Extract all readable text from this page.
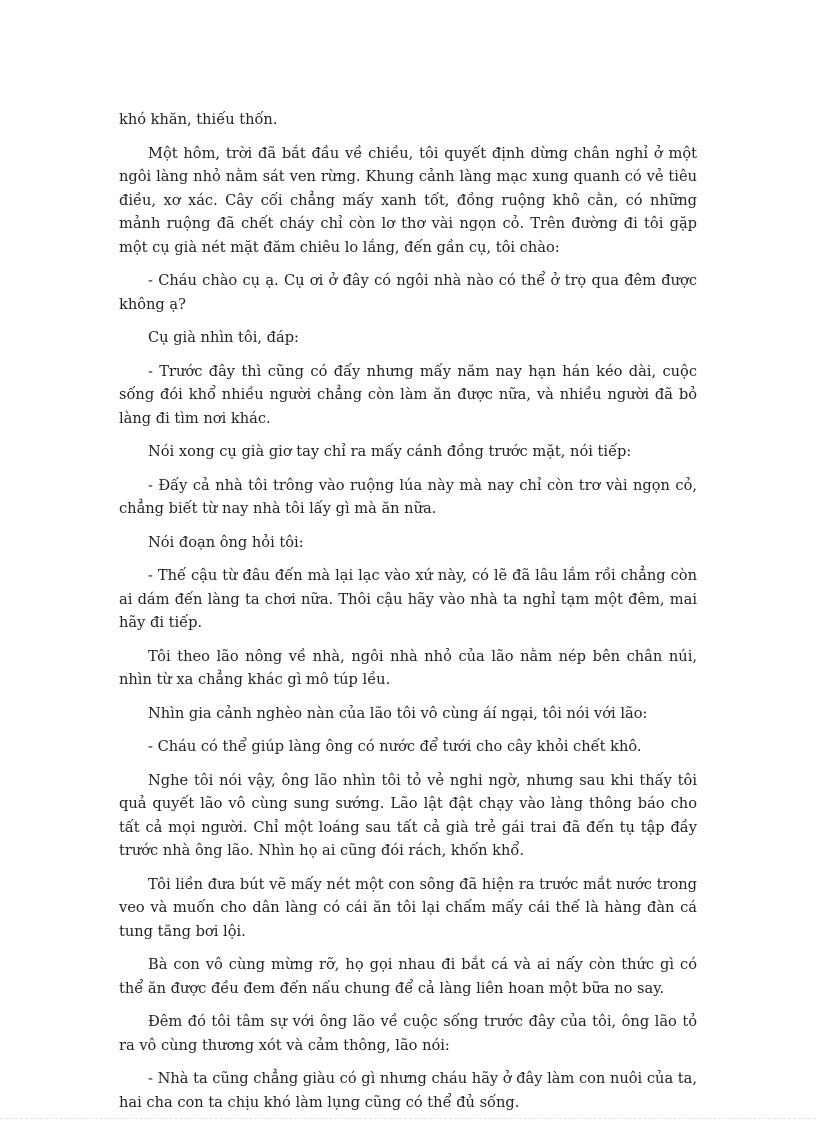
khó khăn, thiếu thốn.

Một hôm, trời đã bắt đầu về chiều, tôi quyết định dừng chân nghỉ ở một ngôi làng nhỏ nằm sát ven rừng. Khung cảnh làng mạc xung quanh có vẻ tiêu điều, xơ xác. Cây cối chẳng mấy xanh tốt, đồng ruộng khô cằn, có những mảnh ruộng đã chết cháy chỉ còn lơ thơ vài ngọn cỏ. Trên đường đi tôi gặp một cụ già nét mặt đăm chiêu lo lắng, đến gần cụ, tôi chào:

- Cháu chào cụ ạ. Cụ ơi ở đây có ngôi nhà nào có thể ở trọ qua đêm được không ạ?

Cụ già nhìn tôi, đáp:

- Trước đây thì cũng có đấy nhưng mấy năm nay hạn hán kéo dài, cuộc sống đói khổ nhiều người chẳng còn làm ăn được nữa, và nhiều người đã bỏ làng đi tìm nơi khác.

Nói xong cụ già giơ tay chỉ ra mấy cánh đồng trước mặt, nói tiếp:

- Đấy cả nhà tôi trông vào ruộng lúa này mà nay chỉ còn trơ vài ngọn cỏ, chẳng biết từ nay nhà tôi lấy gì mà ăn nữa.

Nói đoạn ông hỏi tôi:

- Thế cậu từ đâu đến mà lại lạc vào xứ này, có lẽ đã lâu lắm rồi chẳng còn ai dám đến làng ta chơi nữa. Thôi cậu hãy vào nhà ta nghỉ tạm một đêm, mai hãy đi tiếp.

Tôi theo lão nông về nhà, ngôi nhà nhỏ của lão nằm nép bên chân núi, nhìn từ xa chẳng khác gì mô túp lều.

Nhìn gia cảnh nghèo nàn của lão tôi vô cùng áí ngại, tôi nói với lão:

- Cháu có thể giúp làng ông có nước để tưới cho cây khỏi chết khô.

Nghe tôi nói vậy, ông lão nhìn tôi tỏ vẻ nghi ngờ, nhưng sau khi thấy tôi quả quyết lão vô cùng sung sướng. Lão lật đật chạy vào làng thông báo cho tất cả mọi người. Chỉ một loáng sau tất cả già trẻ gái trai đã đến tụ tập đầy trước nhà ông lão. Nhìn họ ai cũng đói rách, khốn khổ.

Tôi liền đưa bút vẽ mấy nét một con sông đã hiện ra trước mắt nước trong veo và muốn cho dân làng có cái ăn tôi lại chấm mấy cái thế là hàng đàn cá tung tăng bơi lội.

Bà con vô cùng mừng rỡ, họ gọi nhau đi bắt cá và ai nấy còn thức gì có thể ăn được đều đem đến nấu chung để cả làng liên hoan một bữa no say.

Đêm đó tôi tâm sự với ông lão về cuộc sống trước đây của tôi, ông lão tỏ ra vô cùng thương xót và cảm thông, lão nói:

- Nhà ta cũng chẳng giàu có gì nhưng cháu hãy ở đây làm con nuôi của ta, hai cha con ta chịu khó làm lụng cũng có thể đủ sống.
